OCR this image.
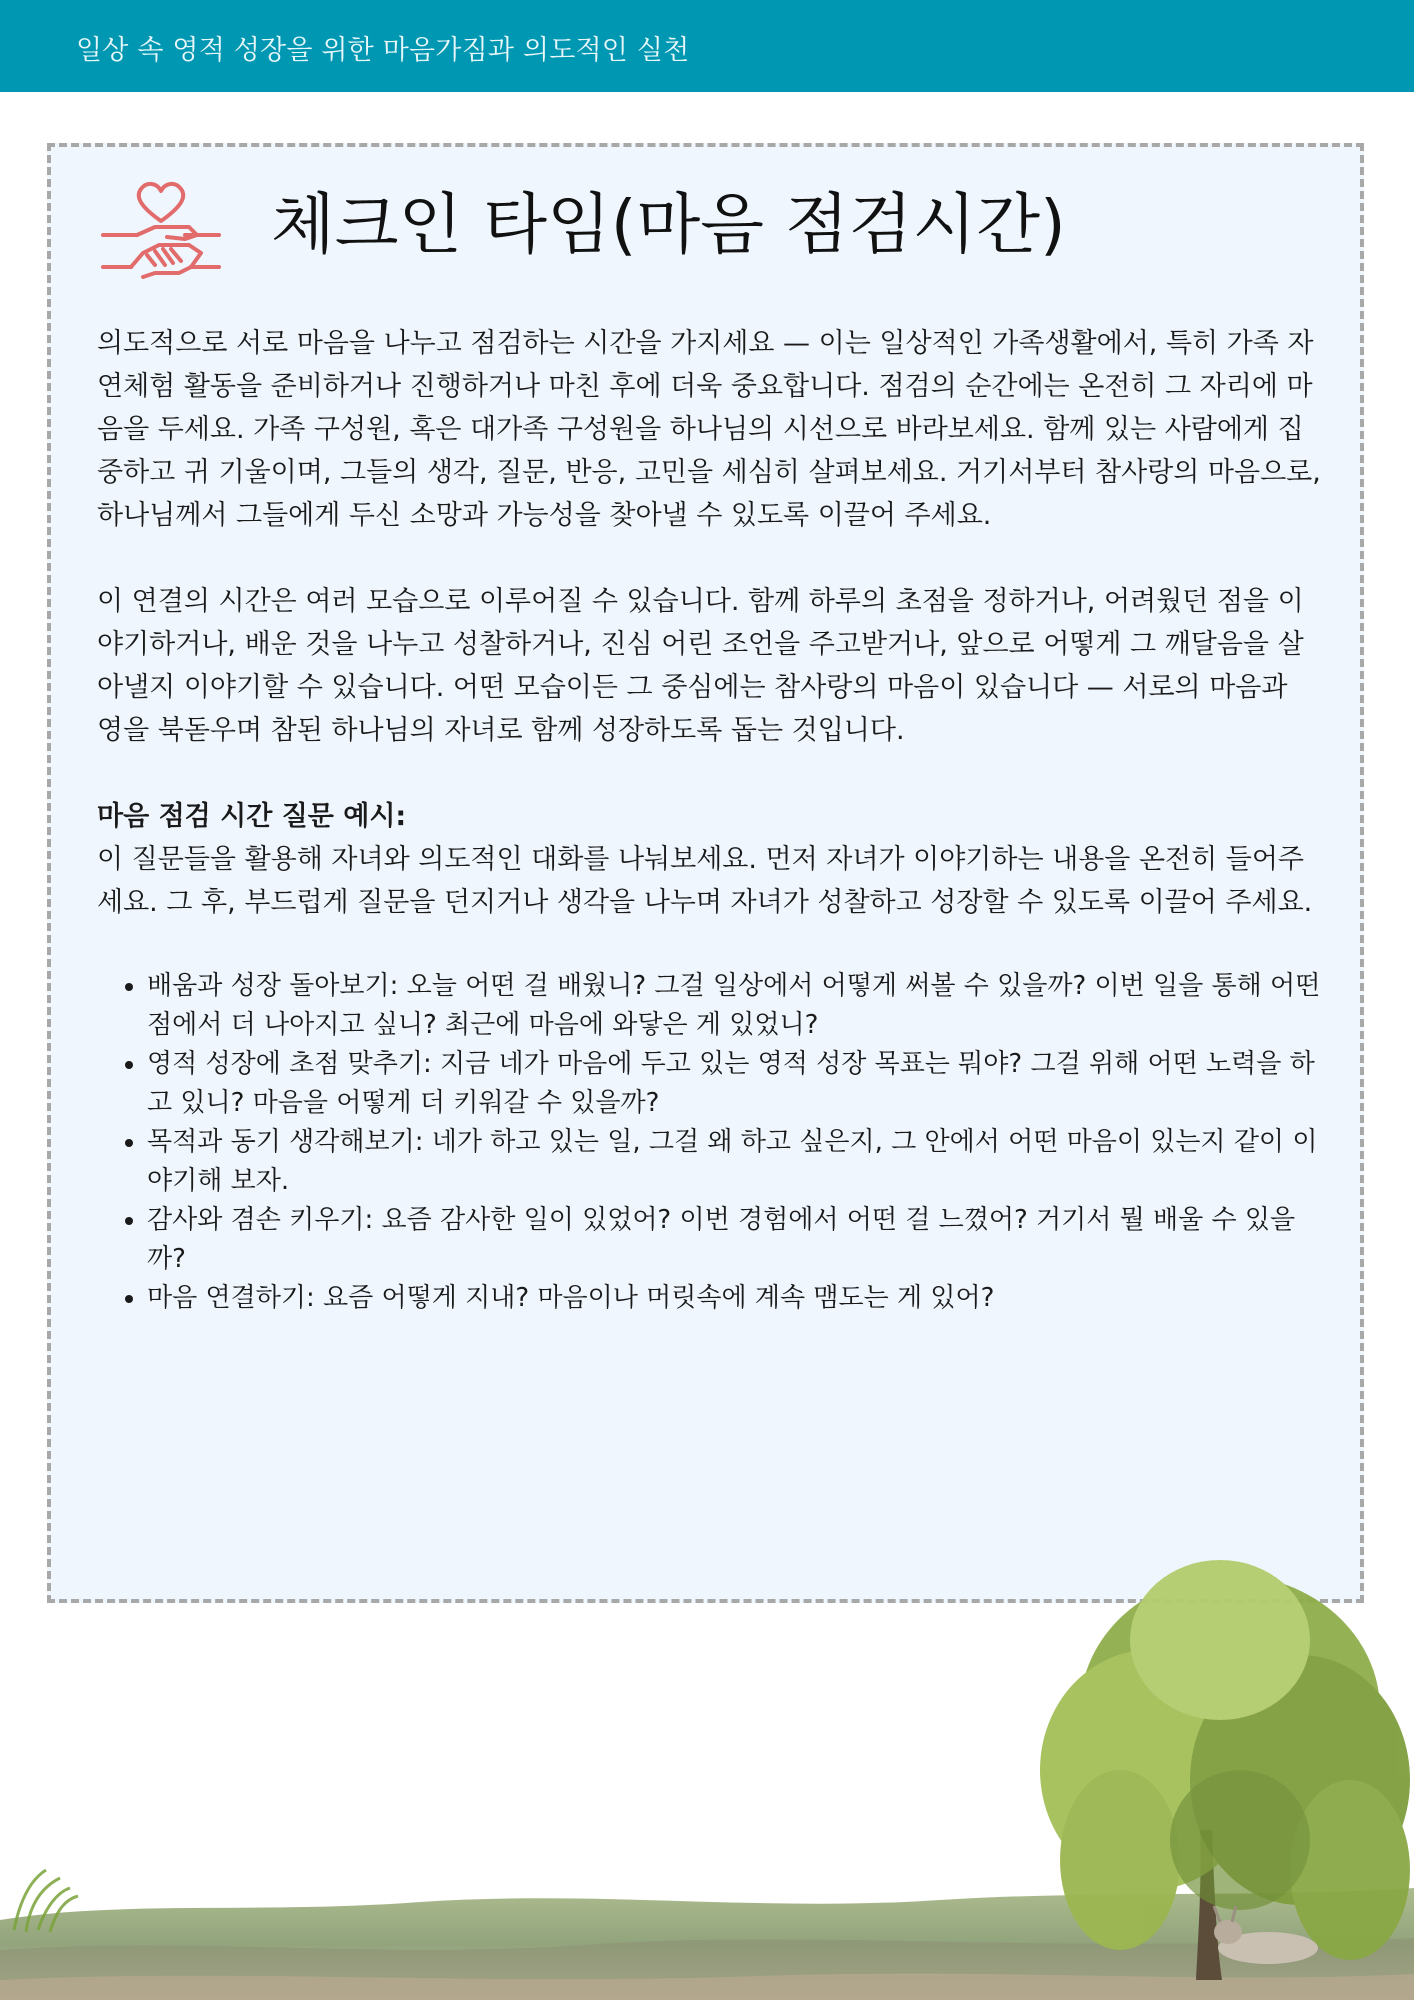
일상 속 영적 성장을 위한 마음가짐과 의도적인 실천
체크인 타임(마음 점검시간)

의도적으로 서로 마음을 나누고 점검하는 시간을 가지세요 — 이는 일상적인 가족생활에서, 특히 가족 자연체험 활동을 준비하거나 진행하거나 마친 후에 더욱 중요합니다. 점검의 순간에는 온전히 그 자리에 마음을 두세요. 가족 구성원, 혹은 대가족 구성원을 하나님의 시선으로 바라보세요. 함께 있는 사람에게 집중하고 귀 기울이며, 그들의 생각, 질문, 반응, 고민을 세심히 살펴보세요. 거기서부터 참사랑의 마음으로, 하나님께서 그들에게 두신 소망과 가능성을 찾아낼 수 있도록 이끌어 주세요.

이 연결의 시간은 여러 모습으로 이루어질 수 있습니다. 함께 하루의 초점을 정하거나, 어려웠던 점을 이야기하거나, 배운 것을 나누고 성찰하거나, 진심 어린 조언을 주고받거나, 앞으로 어떻게 그 깨달음을 살아낼지 이야기할 수 있습니다. 어떤 모습이든 그 중심에는 참사랑의 마음이 있습니다 — 서로의 마음과 영을 북돋우며 참된 하나님의 자녀로 함께 성장하도록 돕는 것입니다.

마음 점검 시간 질문 예시:

이 질문들을 활용해 자녀와 의도적인 대화를 나눠보세요. 먼저 자녀가 이야기하는 내용을 온전히 들어주세요. 그 후, 부드럽게 질문을 던지거나 생각을 나누며 자녀가 성찰하고 성장할 수 있도록 이끌어 주세요.

• 배움과 성장 돌아보기: 오늘 어떤 걸 배웠니? 그걸 일상에서 어떻게 써볼 수 있을까? 이번 일을 통해 어떤 점에서 더 나아지고 싶니? 최근에 마음에 와닿은 게 있었니?
• 영적 성장에 초점 맞추기: 지금 네가 마음에 두고 있는 영적 성장 목표는 뭐야? 그걸 위해 어떤 노력을 하고 있니? 마음을 어떻게 더 키워갈 수 있을까?
• 목적과 동기 생각해보기: 네가 하고 있는 일, 그걸 왜 하고 싶은지, 그 안에서 어떤 마음이 있는지 같이 이야기해 보자.
• 감사와 겸손 키우기: 요즘 감사한 일이 있었어? 이번 경험에서 어떤 걸 느꼈어? 거기서 뭘 배울 수 있을까?
• 마음 연결하기: 요즘 어떻게 지내? 마음이나 머릿속에 계속 맴도는 게 있어?
